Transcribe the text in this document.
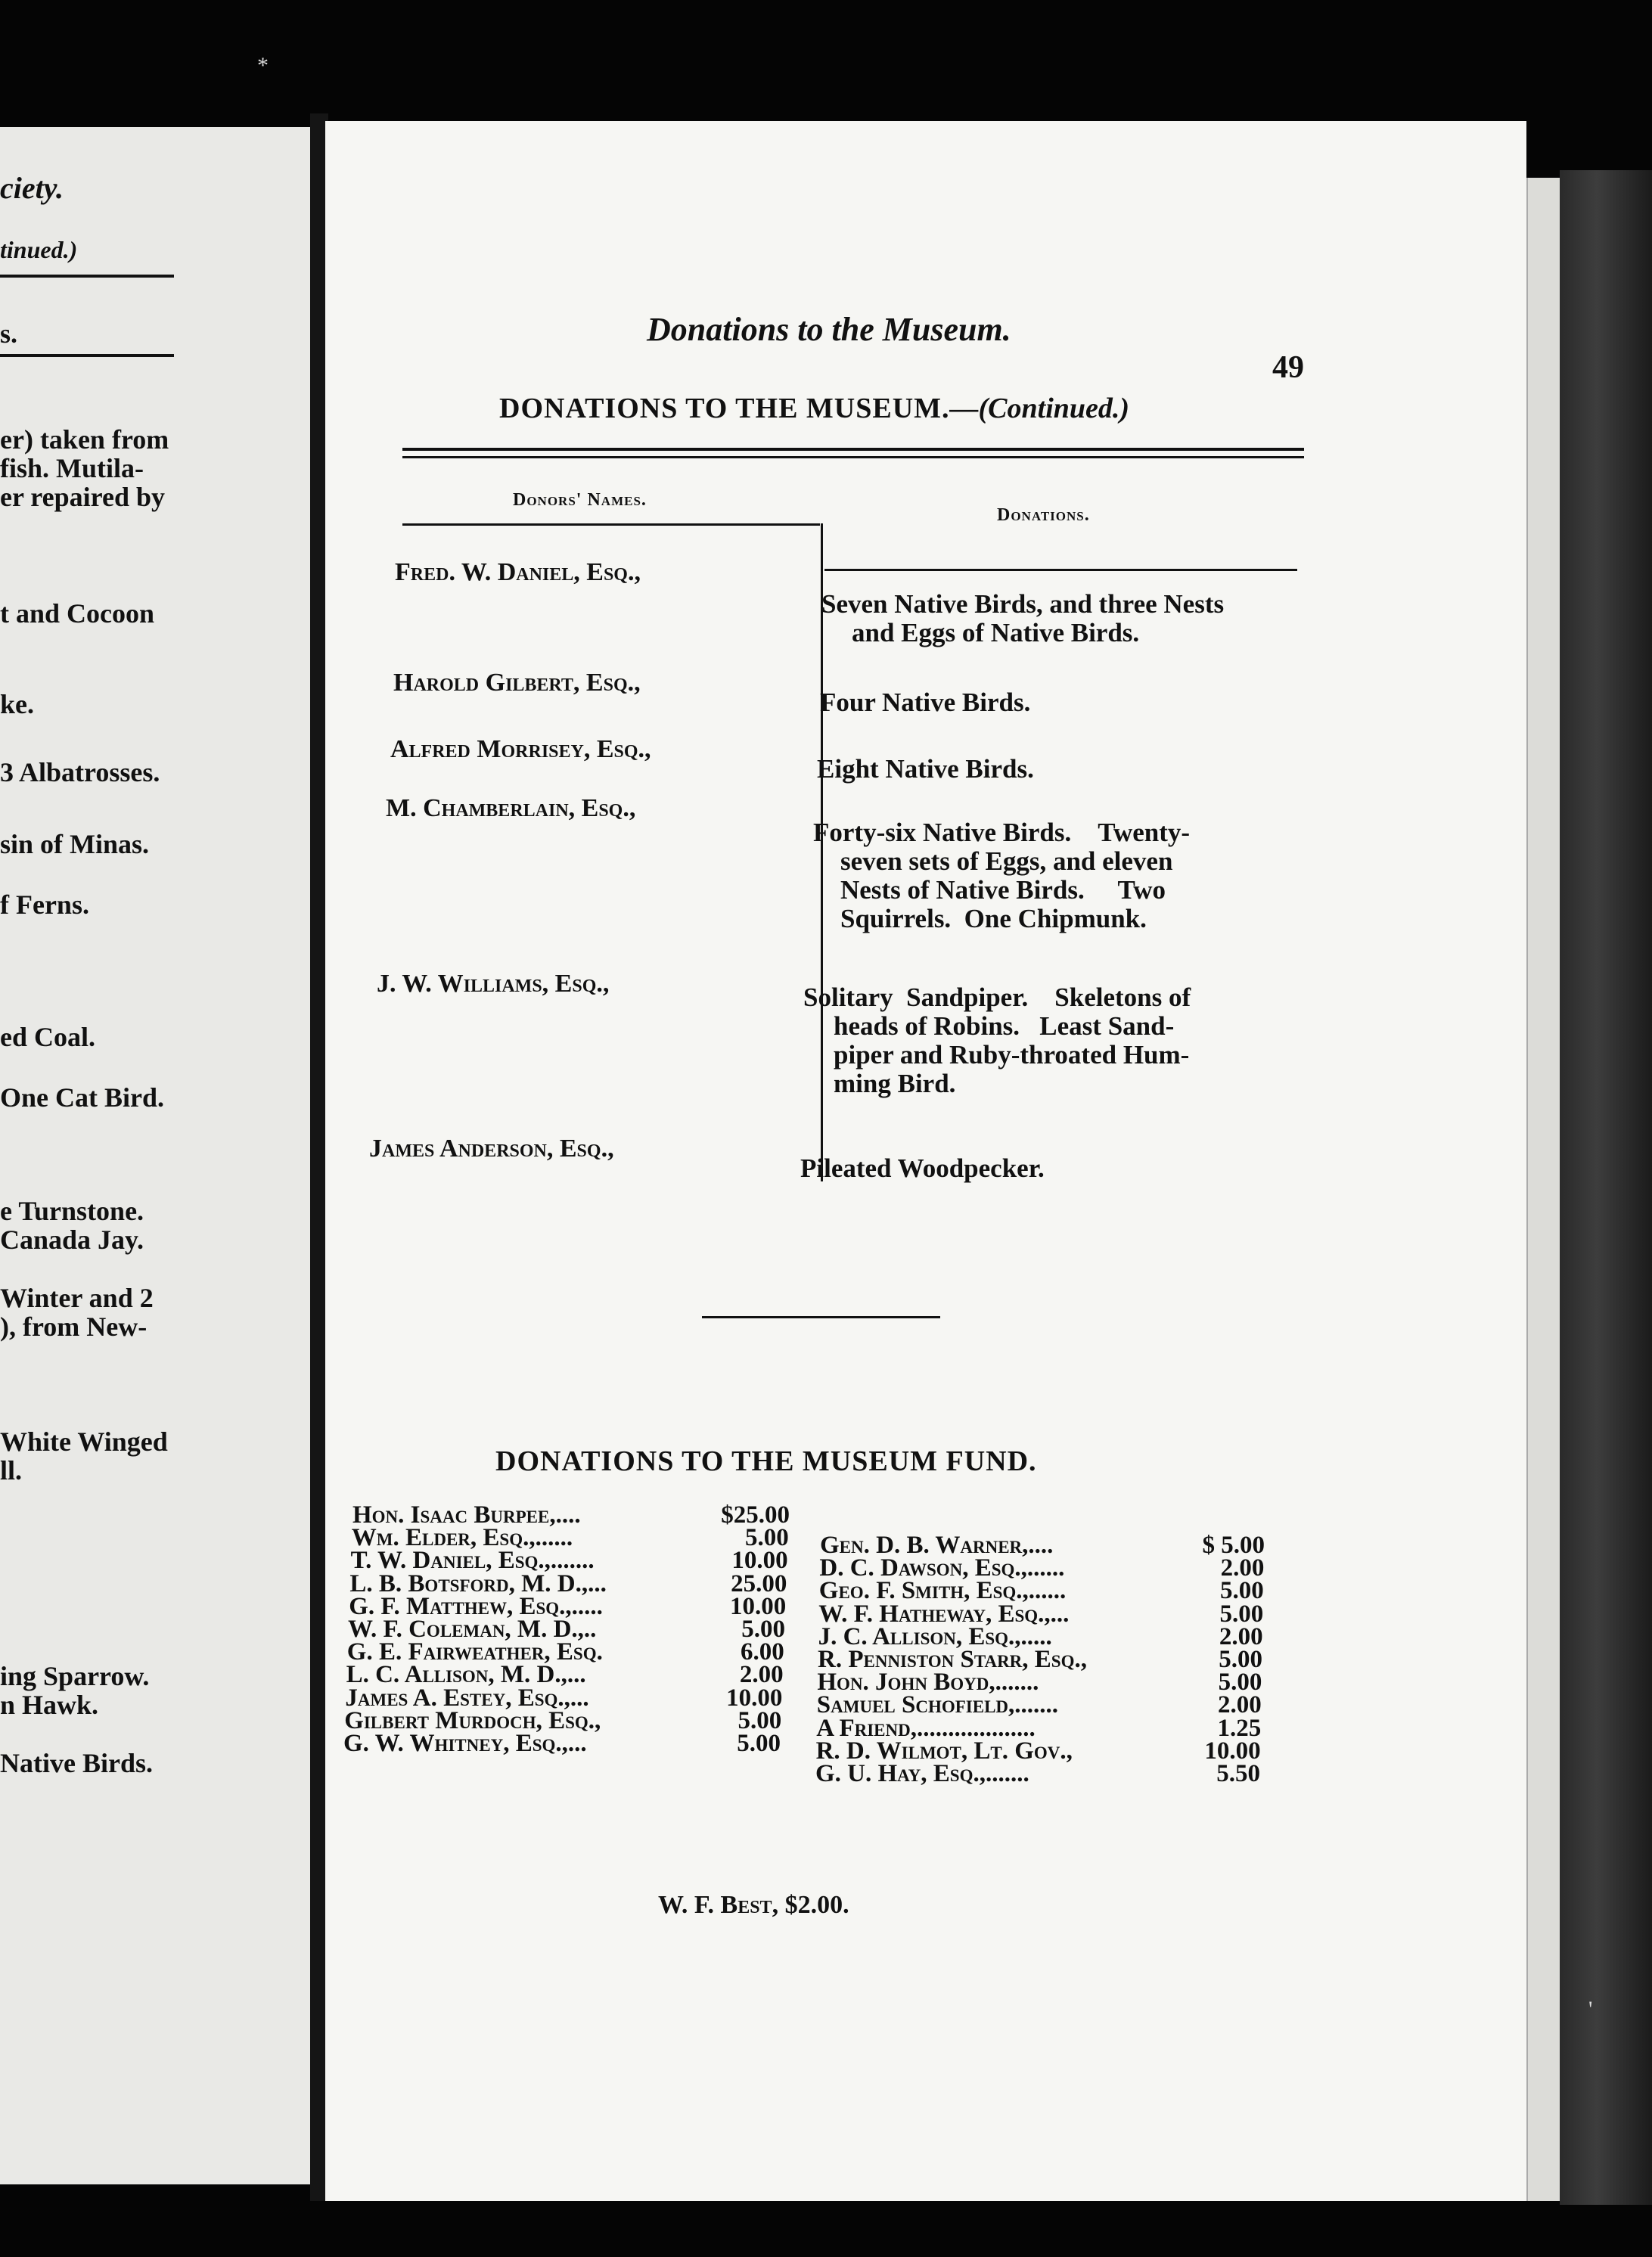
ciety.
tinued.)
s.
er) taken from
fish. Mutila-
er repaired by
t and Cocoon
ke.
3 Albatrosses.
sin of Minas.
f Ferns.
ed Coal.
One Cat Bird.
e Turnstone.
Canada Jay.
Winter and 2
), from New-
White Winged
ll.
ing Sparrow.
n Hawk.
Native Birds.
Donations to the Museum.
49
DONATIONS TO THE MUSEUM.—(Continued.)
Donors' Names.
Donations.
Fred. W. Daniel, Esq.,
Seven Native Birds, and three Nests
and Eggs of Native Birds.
Harold Gilbert, Esq.,
Four Native Birds.
Alfred Morrisey, Esq.,
Eight Native Birds.
M. Chamberlain, Esq.,
Forty-six Native Birds.    Twenty-
seven sets of Eggs, and eleven
Nests of Native Birds.     Two
Squirrels.  One Chipmunk.
J. W. Williams, Esq.,	Solitary  Sandpiper.    Skeletons of
heads of Robins.   Least Sand-
piper and Ruby-throated Hum-
ming Bird.
James Anderson, Esq.,
Pileated Woodpecker.
DONATIONS TO THE MUSEUM FUND.
Hon. Isaac Burpee,....	$25.00
Wm. Elder, Esq.,......	5.00
T. W. Daniel, Esq.,.......	10.00
L. B. Botsford, M. D.,...	25.00
G. F. Matthew, Esq.,.....	10.00
W. F. Coleman, M. D.,..	5.00
G. E. Fairweather, Esq.	6.00
L. C. Allison, M. D.,...	2.00
James A. Estey, Esq.,...	10.00
Gilbert Murdoch, Esq.,	5.00
G. W. Whitney, Esq.,...	5.00
Gen. D. B. Warner,....	$ 5.00
D. C. Dawson, Esq.,......	2.00
Geo. F. Smith, Esq.,......	5.00
W. F. Hatheway, Esq.,...	5.00
J. C. Allison, Esq.,.....	2.00
R. Penniston Starr, Esq.,	5.00
Hon. John Boyd,.......	5.00
Samuel Schofield,.......	2.00
A Friend,...................	1.25
R. D. Wilmot, Lt. Gov.,	10.00
G. U. Hay, Esq.,.......	5.50
W. F. Best, $2.00.
*
'
